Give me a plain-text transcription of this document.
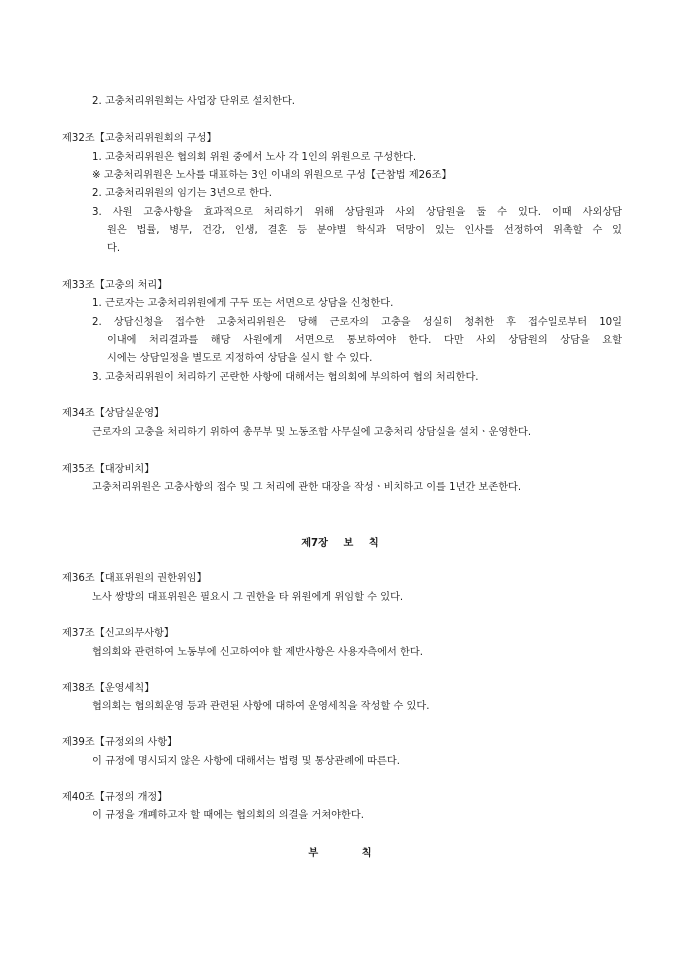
2. 고충처리위원회는 사업장 단위로 설치한다.
제32조【고충처리위원회의 구성】
1. 고충처리위원은 협의회 위원 중에서 노사 각 1인의 위원으로 구성한다.
※ 고충처리위원은 노사를 대표하는 3인 이내의 위원으로 구성【근참법 제26조】
2. 고충처리위원의 임기는 3년으로 한다.
3. 사원 고충사항을 효과적으로 처리하기 위해 상담원과 사외 상담원을 둘 수 있다. 이때 사외상담
원은 법률, 병무, 건강, 인생, 결혼 등 분야별 학식과 덕망이 있는 인사를 선정하여 위촉할 수 있
다.
제33조【고충의 처리】
1. 근로자는 고충처리위원에게 구두 또는 서면으로 상담을 신청한다.
2. 상담신청을 접수한 고충처리위원은 당해 근로자의 고충을 성실히 청취한 후 접수일로부터 10일
이내에 처리결과를 해당 사원에게 서면으로 통보하여야 한다. 다만 사외 상담원의 상담을 요할
시에는 상담일정을 별도로 지정하여 상담을 실시 할 수 있다.
3. 고충처리위원이 처리하기 곤란한 사항에 대해서는 협의회에 부의하여 협의 처리한다.
제34조【상담실운영】
근로자의 고충을 처리하기 위하여 총무부 및 노동조합 사무실에 고충처리 상담실을 설치ㆍ운영한다.
제35조【대장비치】
고충처리위원은 고충사항의 접수 및 그 처리에 관한 대장을 작성ㆍ비치하고 이를 1년간 보존한다.
제7장 보 칙
제36조【대표위원의 권한위임】
노사 쌍방의 대표위원은 필요시 그 권한을 타 위원에게 위임할 수 있다.
제37조【신고의무사항】
협의회와 관련하여 노동부에 신고하여야 할 제반사항은 사용자측에서 한다.
제38조【운영세칙】
협의회는 협의회운영 등과 관련된 사항에 대하여 운영세칙을 작성할 수 있다.
제39조【규정외의 사항】
이 규정에 명시되지 않은 사항에 대해서는 법령 및 통상관례에 따른다.
제40조【규정의 개정】
이 규정을 개폐하고자 할 때에는 협의회의 의결을 거쳐야한다.
부 칙
